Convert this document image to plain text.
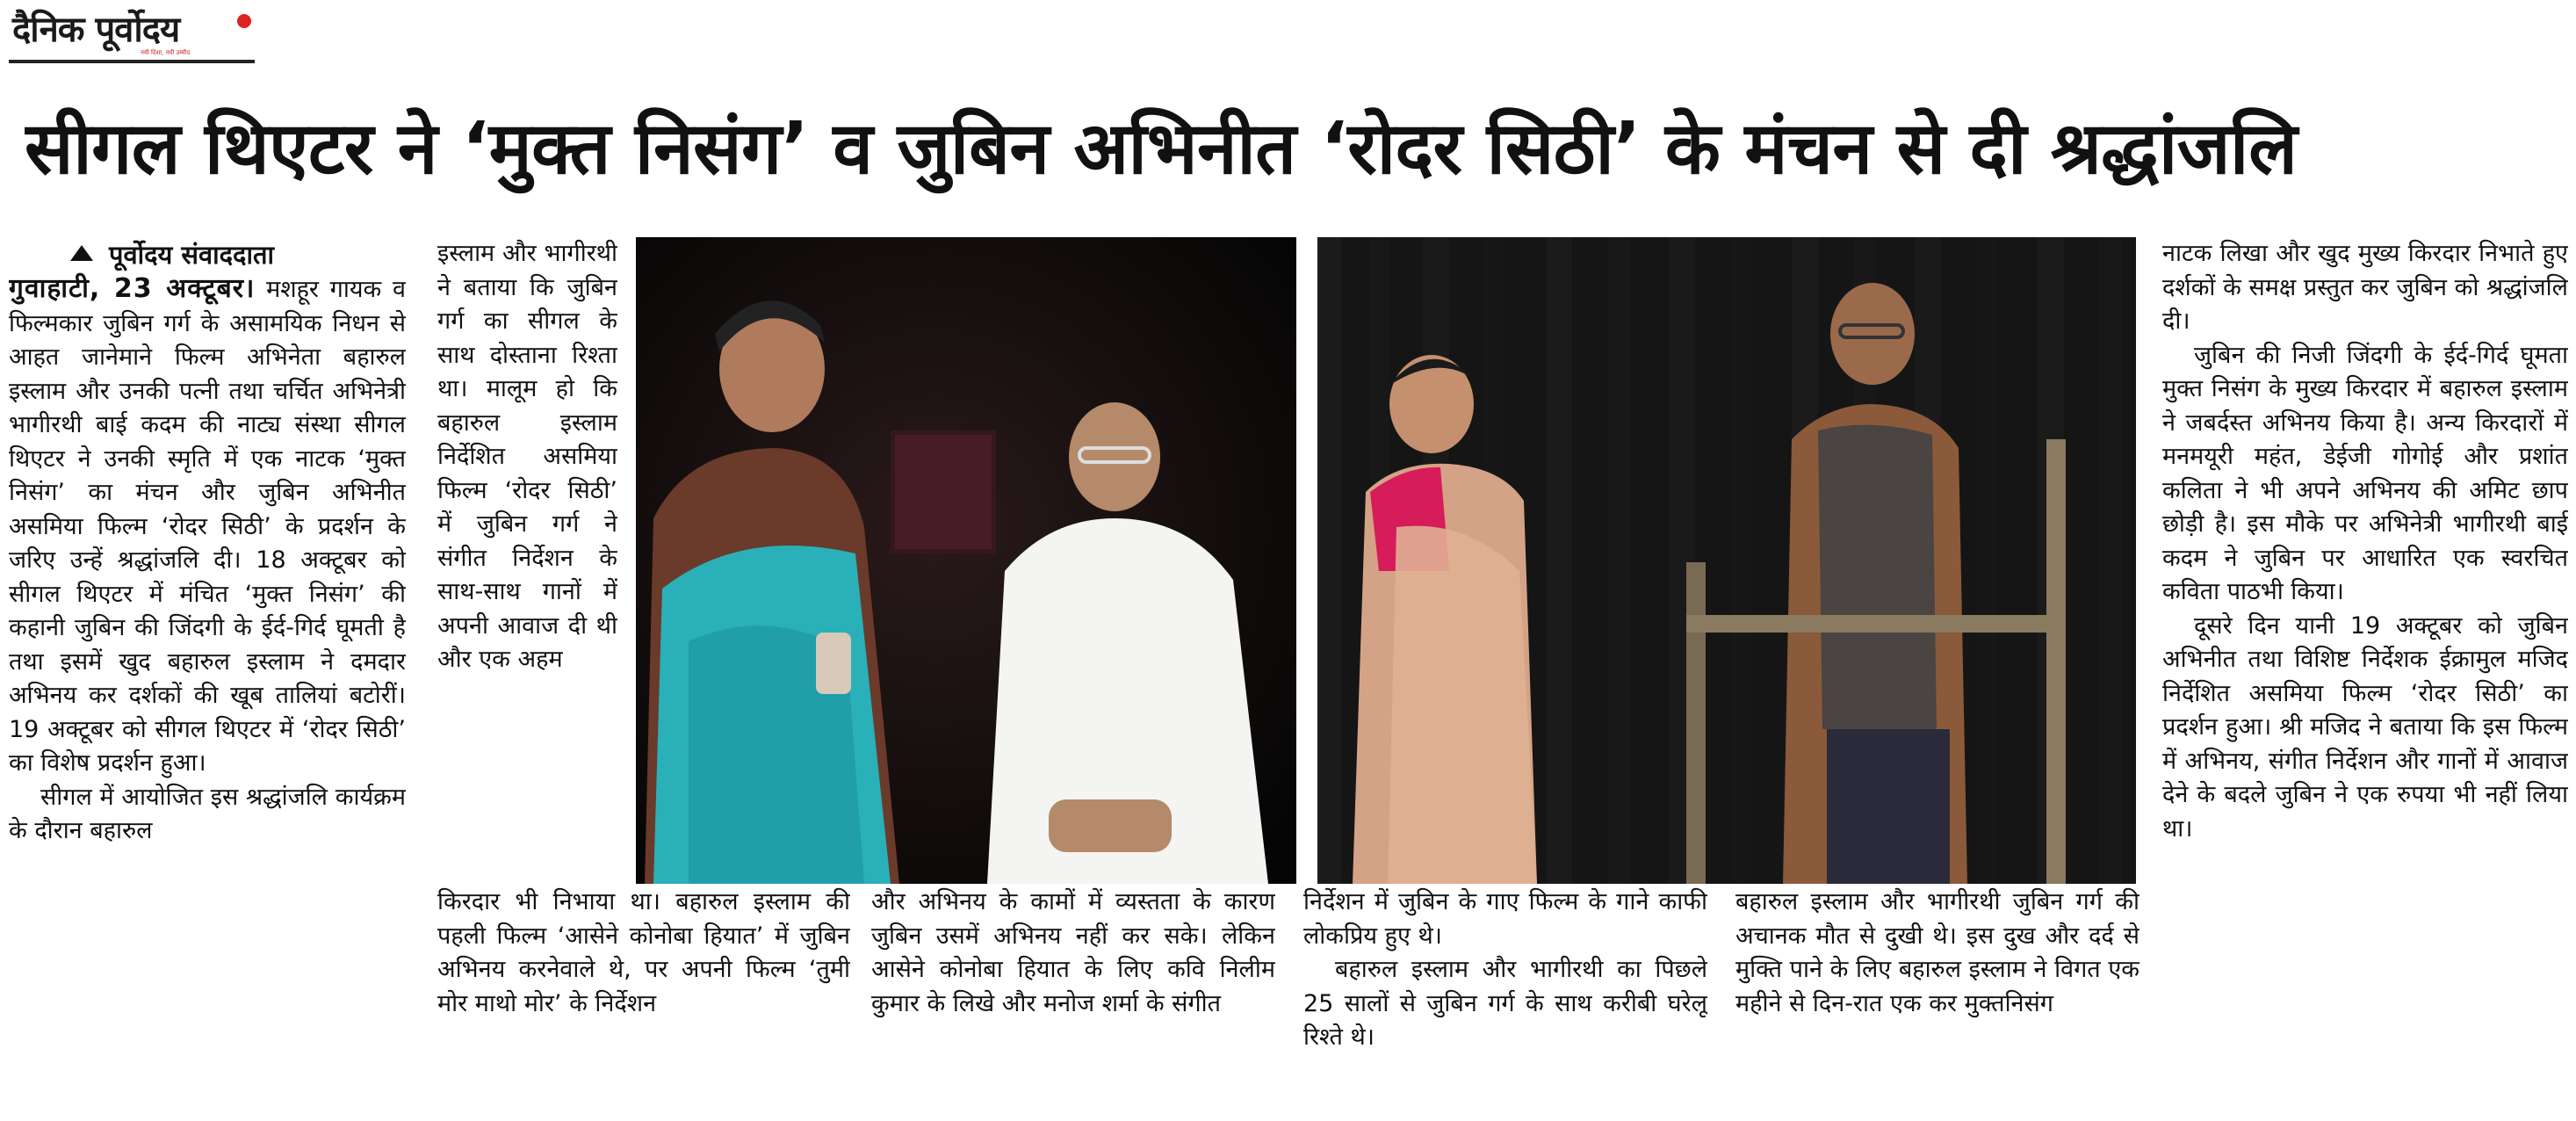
दैनिक पूर्वोदय
नयी दिशा, नयी उम्मीद
सीगल थिएटर ने ‘मुक्त निसंग’ व जुबिन अभिनीत ‘रोदर सिठी’ के मंचन से दी श्रद्धांजलि
पूर्वोदय संवाददाता

गुवाहाटी, 23 अक्टूबर। मशहूर गायक व फिल्मकार जुबिन गर्ग के असामयिक निधन से आहत जानेमाने फिल्म अभिनेता बहारुल इस्लाम और उनकी पत्नी तथा चर्चित अभिनेत्री भागीरथी बाई कदम की नाट्य संस्था सीगल थिएटर ने उनकी स्मृति में एक नाटक ‘मुक्त निसंग’ का मंचन और जुबिन अभिनीत असमिया फिल्म ‘रोदर सिठी’ के प्रदर्शन के जरिए उन्हें श्रद्धांजलि दी। 18 अक्टूबर को सीगल थिएटर में मंचित ‘मुक्त निसंग’ की कहानी जुबिन की जिंदगी के ईर्द-गिर्द घूमती है तथा इसमें खुद बहारुल इस्लाम ने दमदार अभिनय कर दर्शकों की खूब तालियां बटोरीं। 19 अक्टूबर को सीगल थिएटर में ‘रोदर सिठी’ का विशेष प्रदर्शन हुआ।

सीगल में आयोजित इस श्रद्धांजलि कार्यक्रम के दौरान बहारुल

इस्लाम और भागीरथी ने बताया कि जुबिन गर्ग का सीगल के साथ दोस्ताना रिश्ता था। मालूम हो कि बहारुल इस्लाम निर्देशित असमिया फिल्म ‘रोदर सिठी’ में जुबिन गर्ग ने संगीत निर्देशन के साथ-साथ गानों में अपनी आवाज दी थी और एक अहम

किरदार भी निभाया था। बहारुल इस्लाम की पहली फिल्म ‘आसेने कोनोबा हियात’ में जुबिन अभिनय करनेवाले थे, पर अपनी फिल्म ‘तुमी मोर माथो मोर’ के निर्देशन

और अभिनय के कामों में व्यस्तता के कारण जुबिन उसमें अभिनय नहीं कर सके। लेकिन आसेने कोनोबा हियात के लिए कवि निलीम कुमार के लिखे और मनोज शर्मा के संगीत

निर्देशन में जुबिन के गाए फिल्म के गाने काफी लोकप्रिय हुए थे।

बहारुल इस्लाम और भागीरथी का पिछले 25 सालों से जुबिन गर्ग के साथ करीबी घरेलू रिश्ते थे।

बहारुल इस्लाम और भागीरथी जुबिन गर्ग की अचानक मौत से दुखी थे। इस दुख और दर्द से मुक्ति पाने के लिए बहारुल इस्लाम ने विगत एक महीने से दिन-रात एक कर मुक्तनिसंग

नाटक लिखा और खुद मुख्य किरदार निभाते हुए दर्शकों के समक्ष प्रस्तुत कर जुबिन को श्रद्धांजलि दी।

जुबिन की निजी जिंदगी के ईर्द-गिर्द घूमता मुक्त निसंग के मुख्य किरदार में बहारुल इस्लाम ने जबर्दस्त अभिनय किया है। अन्य किरदारों में मनमयूरी महंत, डेईजी गोगोई और प्रशांत कलिता ने भी अपने अभिनय की अमिट छाप छोड़ी है। इस मौके पर अभिनेत्री भागीरथी बाई कदम ने जुबिन पर आधारित एक स्वरचित कविता पाठभी किया।

दूसरे दिन यानी 19 अक्टूबर को जुबिन अभिनीत तथा विशिष्ट निर्देशक ईक्रामुल मजिद निर्देशित असमिया फिल्म ‘रोदर सिठी’ का प्रदर्शन हुआ। श्री मजिद ने बताया कि इस फिल्म में अभिनय, संगीत निर्देशन और गानों में आवाज देने के बदले जुबिन ने एक रुपया भी नहीं लिया था।
